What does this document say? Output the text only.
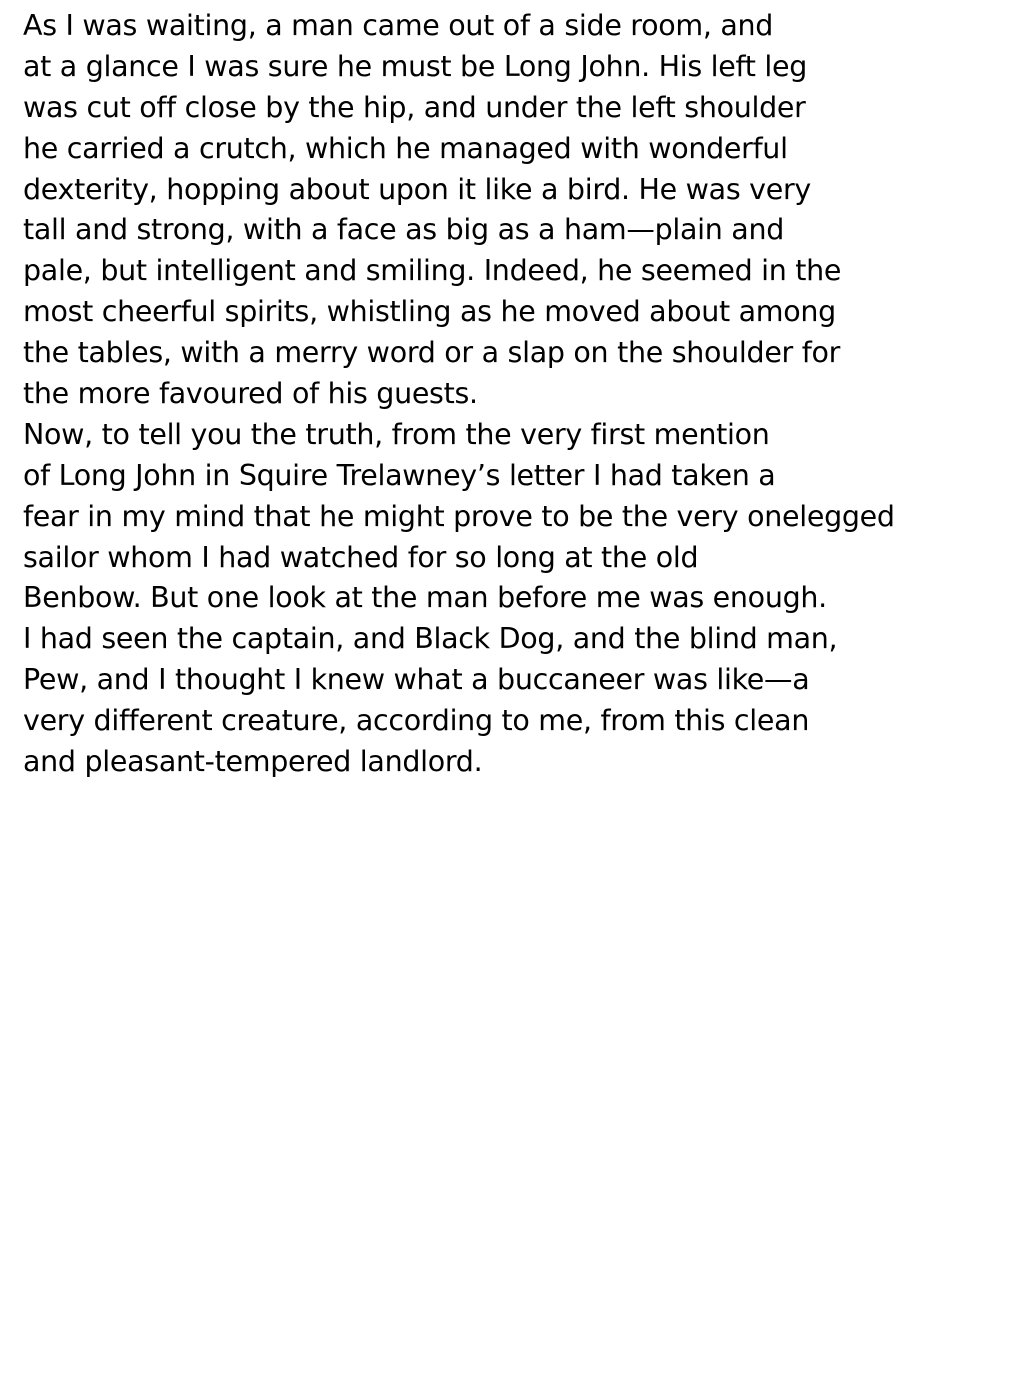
As I was waiting, a man came out of a side room, and
at a glance I was sure he must be Long John. His left leg
was cut off close by the hip, and under the left shoulder
he carried a crutch, which he managed with wonderful
dexterity, hopping about upon it like a bird. He was very
tall and strong, with a face as big as a ham—plain and
pale, but intelligent and smiling. Indeed, he seemed in the
most cheerful spirits, whistling as he moved about among
the tables, with a merry word or a slap on the shoulder for
the more favoured of his guests.
Now, to tell you the truth, from the very first mention
of Long John in Squire Trelawney’s letter I had taken a
fear in my mind that he might prove to be the very onelegged
sailor whom I had watched for so long at the old
Benbow. But one look at the man before me was enough.
I had seen the captain, and Black Dog, and the blind man,
Pew, and I thought I knew what a buccaneer was like—a
very different creature, according to me, from this clean
and pleasant-tempered landlord.
